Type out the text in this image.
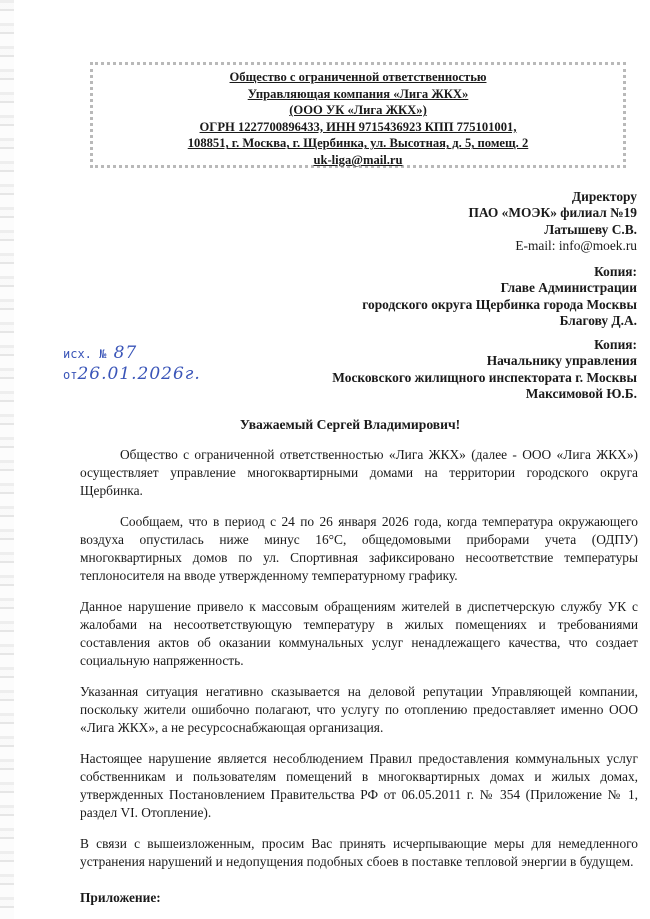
Общество с ограниченной ответственностью
Управляющая компания «Лига ЖКХ»
(ООО УК «Лига ЖКХ»)
ОГРН 1227700896433, ИНН 9715436923 КПП 775101001,
108851, г. Москва, г. Щербинка, ул. Высотная, д. 5, помещ. 2
uk-liga@mail.ru
Директору
ПАО «МОЭК» филиал №19
Латышеву С.В.
E-mail: info@moek.ru
Копия:
Главе Администрации
городского округа Щербинка города Москвы
Благову Д.А.
Копия:
Начальнику управления
Московского жилищного инспектората г. Москвы
Максимовой Ю.Б.
исх. № 87
от26.01.2026г.
Уважаемый Сергей Владимирович!

Общество с ограниченной ответственностью «Лига ЖКХ» (далее - ООО «Лига ЖКХ») осуществляет управление многоквартирными домами на территории городского округа Щербинка.

Сообщаем, что в период с 24 по 26 января 2026 года, когда температура окружающего воздуха опустилась ниже минус 16°С, общедомовыми приборами учета (ОДПУ) многоквартирных домов по ул. Спортивная зафиксировано несоответствие температуры теплоносителя на вводе утвержденному температурному графику.

Данное нарушение привело к массовым обращениям жителей в диспетчерскую службу УК с жалобами на несоответствующую температуру в жилых помещениях и требованиями составления актов об оказании коммунальных услуг ненадлежащего качества, что создает социальную напряженность.

Указанная ситуация негативно сказывается на деловой репутации Управляющей компании, поскольку жители ошибочно полагают, что услугу по отоплению предоставляет именно ООО «Лига ЖКХ», а не ресурсоснабжающая организация.

Настоящее нарушение является несоблюдением Правил предоставления коммунальных услуг собственникам и пользователям помещений в многоквартирных домах и жилых домах, утвержденных Постановлением Правительства РФ от 06.05.2011 г. № 354 (Приложение № 1, раздел VI. Отопление).

В связи с вышеизложенным, просим Вас принять исчерпывающие меры для немедленного устранения нарушений и недопущения подобных сбоев в поставке тепловой энергии в будущем.

Приложение:
